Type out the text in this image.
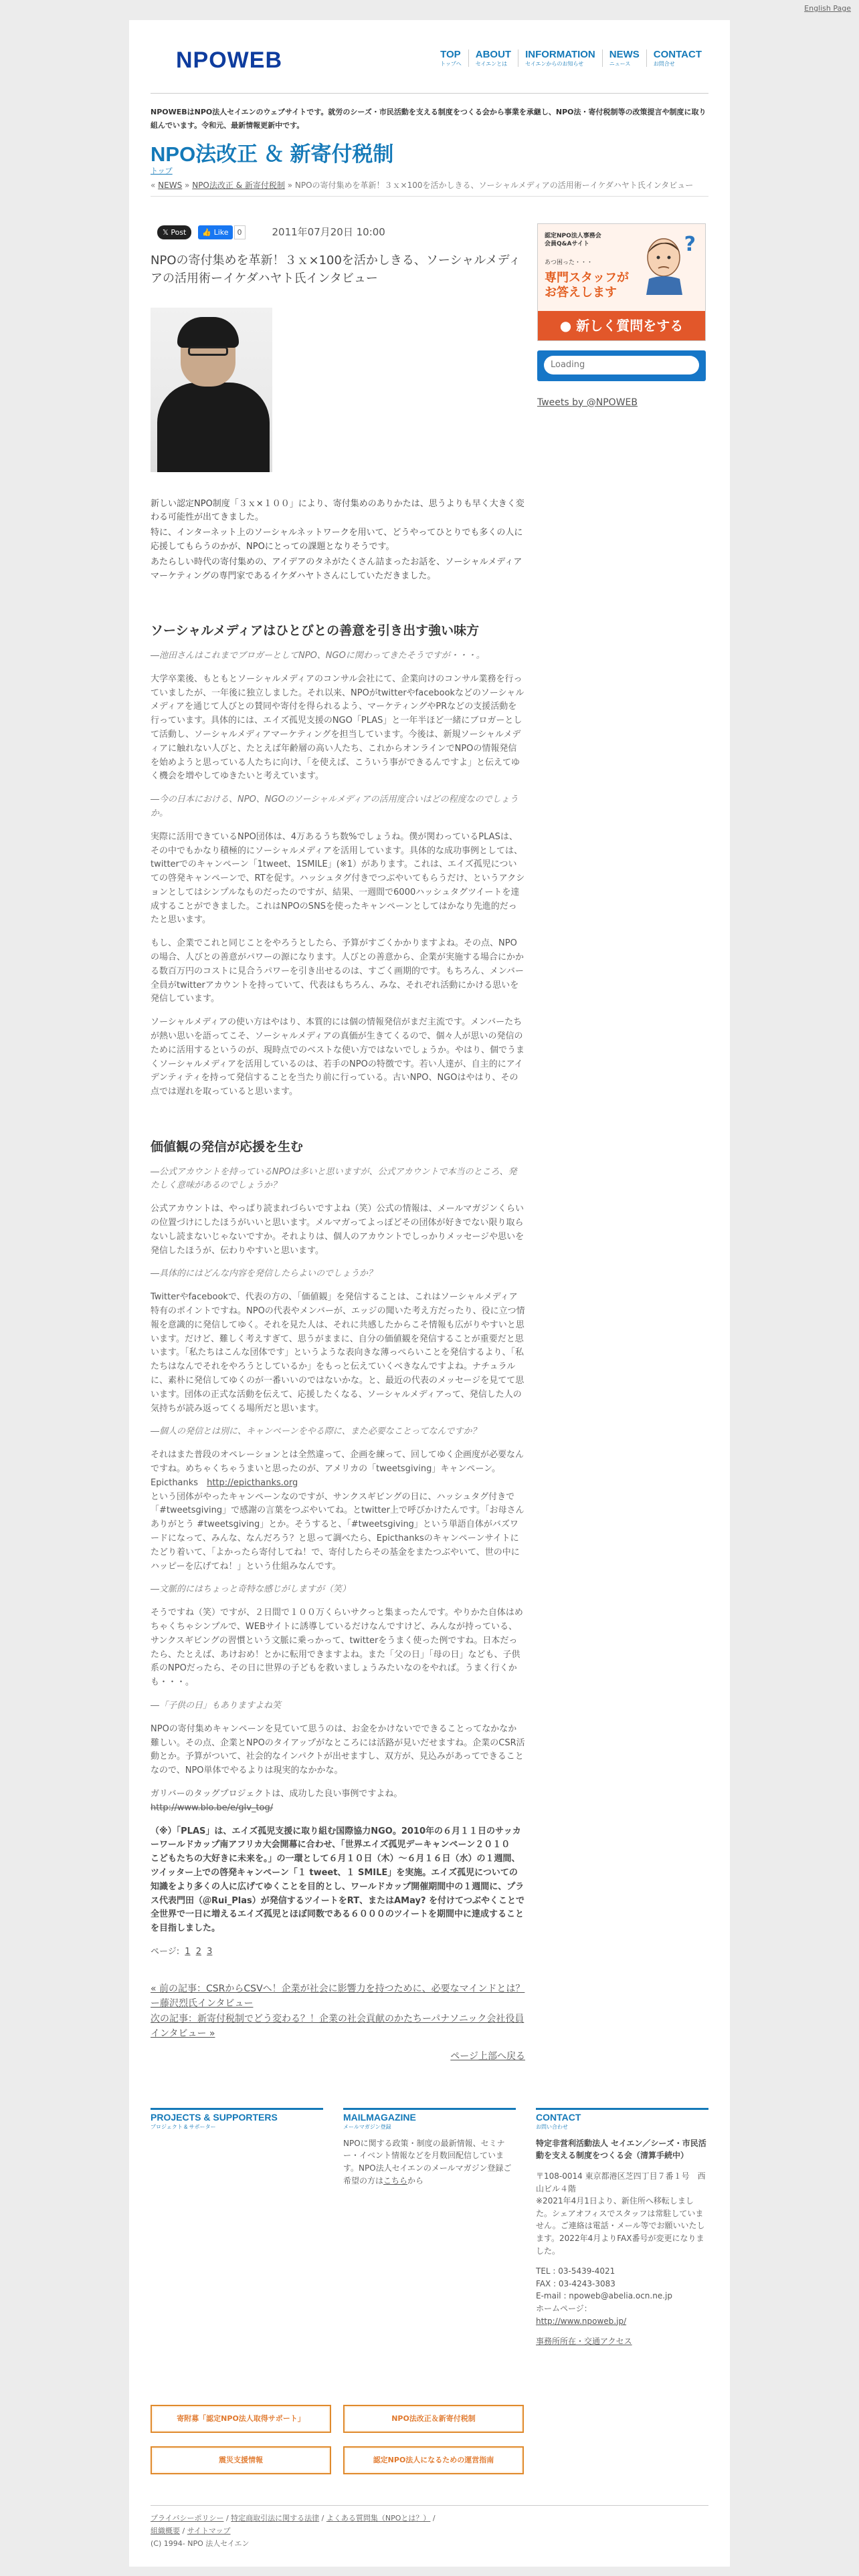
English Page
NPOWEB	TOP
トップへ
ABOUT
セイエンとは
INFORMATION
セイエンからのお知らせ
NEWS
ニュース
CONTACT
お問合せ
NPOWEBはNPO法人セイエンのウェブサイトです。就労のシーズ・市民活動を支える制度をつくる会から事業を承継し、NPO法・寄付税制等の改策提言や制度に取り組んでいます。令和元、最新情報更新中です。
NPO法改正 ＆ 新寄付税制
トップ
« NEWS » NPO法改正 & 新寄付税制 » NPOの寄付集めを革新！３ｘ×100を活かしきる、ソーシャルメディアの活用術ーイケダハヤト氏インタビュー
𝕏 Post	👍 Like	0	2011年07月20日 10:00
NPOの寄付集めを革新！３ｘ×100を活かしきる、ソーシャルメディアの活用術ーイケダハヤト氏インタビュー
新しい認定NPO制度「３ｘ×１００」により、寄付集めのありかたは、思うよりも早く大きく変わる可能性が出てきました。
特に、インターネット上のソーシャルネットワークを用いて、どうやってひとりでも多くの人に応援してもらうのかが、NPOにとっての課題となりそうです。
あたらしい時代の寄付集めの、アイデアのタネがたくさん詰まったお話を、ソーシャルメディアマーケティングの専門家であるイケダハヤトさんにしていただきました。
ソーシャルメディアはひとびとの善意を引き出す強い味方
―池田さんはこれまでブロガーとしてNPO、NGOに関わってきたそうですが・・・。
大学卒業後、もともとソーシャルメディアのコンサル会社にて、企業向けのコンサル業務を行っていましたが、一年後に独立しました。それ以来、NPOがtwitterやfacebookなどのソーシャルメディアを通じて人びとの賛同や寄付を得られるよう、マーケティングやPRなどの支援活動を行っています。具体的には、エイズ孤児支援のNGO「PLAS」と一年半ほど一緒にブロガーとして活動し、ソーシャルメディアマーケティングを担当しています。今後は、新規ソーシャルメディアに触れない人びと、たとえば年齢層の高い人たち、これからオンラインでNPOの情報発信を始めようと思っている人たちに向け、「を使えば、こういう事ができるんですよ」と伝えてゆく機会を増やしてゆきたいと考えています。
―今の日本における、NPO、NGOのソーシャルメディアの活用度合いはどの程度なのでしょうか。
実際に活用できているNPO団体は、4万あるうち数%でしょうね。僕が関わっているPLASは、その中でもかなり積極的にソーシャルメディアを活用しています。具体的な成功事例としては、twitterでのキャンペーン「1tweet、1SMILE」(※1）があります。これは、エイズ孤児についての啓発キャンペーンで、RTを促す。ハッシュタグ付きでつぶやいてもらうだけ、というアクションとしてはシンプルなものだったのですが、結果、一週間で6000ハッシュタグツイートを達成することができました。これはNPOのSNSを使ったキャンペーンとしてはかなり先進的だったと思います。
もし、企業でこれと同じことをやろうとしたら、予算がすごくかかりますよね。その点、NPOの場合、人びとの善意がパワーの源になります。人びとの善意から、企業が実施する場合にかかる数百万円のコストに見合うパワーを引き出せるのは、すごく画期的です。もちろん、メンバー全員がtwitterアカウントを持っていて、代表はもちろん、みな、それぞれ活動にかける思いを発信しています。
ソーシャルメディアの使い方はやはり、本質的には個の情報発信がまだ主流です。メンバーたちが熱い思いを語ってこそ、ソーシャルメディアの真価が生きてくるので、個々人が思いの発信のために活用するというのが、現時点でのベストな使い方ではないでしょうか。やはり、個でうまくソーシャルメディアを活用しているのは、若手のNPOの特徴です。若い人達が、自主的にアイデンティティを持って発信することを当たり前に行っている。古いNPO、NGOはやはり、その点では遅れを取っていると思います。
価値観の発信が応援を生む
―公式アカウントを持っているNPOは多いと思いますが、公式アカウントで本当のところ、発たしく意味があるのでしょうか？
公式アカウントは、やっぱり読まれづらいですよね（笑）公式の情報は、メールマガジンくらいの位置づけにしたほうがいいと思います。メルマガってよっぽどその団体が好きでない限り取らないし読まないじゃないですか。それよりは、個人のアカウントでしっかりメッセージや思いを発信したほうが、伝わりやすいと思います。
―具体的にはどんな内容を発信したらよいのでしょうか？
Twitterやfacebookで、代表の方の、「価値観」を発信することは、これはソーシャルメディア特有のポイントですね。NPOの代表やメンバーが、エッジの聞いた考え方だったり、役に立つ情報を意識的に発信してゆく。それを見た人は、それに共感したからこそ情報も広がりやすいと思います。だけど、難しく考えすぎて、思うがままに、自分の価値観を発信することが重要だと思います。「私たちはこんな団体です」というような表向きな薄っぺらいことを発信するより、「私たちはなんでそれをやろうとしているか」をもっと伝えていくべきなんですよね。ナチュラルに、素朴に発信してゆくのが一番いいのではないかな。と、最近の代表のメッセージを見てて思います。団体の正式な活動を伝えて、応援したくなる、ソーシャルメディアって、発信した人の気持ちが読み返ってくる場所だと思います。
―個人の発信とは別に、キャンペーンをやる際に、また必要なことってなんですか？
それはまた普段のオペレーションとは全然違って、企画を練って、回してゆく企画度が必要なんですね。めちゃくちゃうまいと思ったのが、アメリカの「tweetsgiving」キャンペーン。
Epicthanks　 http://epicthanks.org
という団体がやったキャンペーンなのですが、サンクスギビングの日に、ハッシュタグ付きで「#tweetsgiving」で感謝の言葉をつぶやいてね。とtwitter上で呼びかけたんです。「お母さんありがとう #tweetsgiving」とか。そうすると、「#tweetsgiving」という単語自体がバズワードになって、みんな、なんだろう？と思って調べたら、Epicthanksのキャンペーンサイトにたどり着いて、「よかったら寄付してね！で、寄付したらその基金をまたつぶやいて、世の中にハッピーを広げてね！」という仕組みなんです。
―文脈的にはちょっと奇特な感じがしますが（笑）
そうですね（笑）ですが、２日間で１００万くらいサクっと集まったんです。やりかた自体はめちゃくちゃシンプルで、WEBサイトに誘導しているだけなんですけど、みんなが持っている、サンクスギビングの習慣という文脈に乗っかって、twitterをうまく使った例ですね。日本だったら、たとえば、あけおめ！とかに転用できますよね。また「父の日」「母の日」なども、子供系のNPOだったら、その日に世界の子どもを救いましょうみたいなのをやれば。うまく行くかも・・・。
―「子供の日」もありますよね笑
NPOの寄付集めキャンペーンを見ていて思うのは、お金をかけないでできることってなかなか難しい。その点、企業とNPOのタイアップがなところには活路が見いだせますね。企業のCSR活動とか。予算がついて、社会的なインパクトが出せますし、双方が、見込みがあってできることなので、NPO単体でやるよりは現実的なかかな。
ガリバーのタッグプロジェクトは、成功した良い事例ですよね。
http://www.blo.be/e/glv_tog/
（※）「PLAS」は、エイズ孤児支援に取り組む国際協力NGO。2010年の６月１１日のサッカーワールドカップ南アフリカ大会開幕に合わせ、「世界エイズ孤児デーキャンペーン２０１０　こどもたちの大好きに未来を。」の一環として６月１０日（木）～６月１６日（水）の１週間、ツイッター上での啓発キャンペーン「１ tweet、１ SMILE」を実施。エイズ孤児についての知識をより多くの人に広げてゆくことを目的とし、ワールドカップ開催期間中の１週間に、プラス代表門田（＠Rui_Plas）が発信するツイートをRT、またはAMay? を付けてつぶやくことで全世界で一日に増えるエイズ孤児とほぼ同数である６０００のツイートを期間中に達成することを目指しました。
ページ: 1 2 3
« 前の記事：CSRからCSVへ！企業が社会に影響力を持つために、必要なマインドとは？ー藤沢烈氏インタビュー
次の記事：新寄付税制でどう変わる？！企業の社会貢献のかたちーパナソニック会社役員インタビュー »
ページ上部へ戻る
認定NPO法人事務会 会員Q&Aサイト
あつ困った・・・
専門スタッフが お答えします
?
● 新しく質問をする
Loading
Tweets by @NPOWEB
PROJECTS & SUPPORTERS
プロジェクト & サポーター
MAILMAGAZINE
メールマガジン登録
NPOに関する政策・制度の最新情報、セミナー・イベント情報などを月数回配信しています。NPO法人セイエンのメールマガジン登録ご希望の方はこちらから
CONTACT
お問い合わせ
特定非営利活動法人 セイエン／シーズ・市民活動を支える制度をつくる会（清算手続中）
〒108-0014 東京都港区芝四丁目７番１号　西山ビル４階
※2021年4月1日より、新住所へ移転しました。シェアオフィスでスタッフは常駐していません。ご連絡は電話・メール等でお願いいたします。2022年4月よりFAX番号が変更になりました。
TEL : 03-5439-4021
FAX : 03-4243-3083
E-mail : npoweb@abelia.ocn.ne.jp
ホームページ：
http://www.npoweb.jp/
事務所所在・交通アクセス
寄附募「認定NPO法人取得サポート」	NPO法改正＆新寄付税制
震災支援情報	認定NPO法人になるための運営指南
プライバシーポリシー / 特定商取引法に関する法律 / よくある質問集（NPOとは？） /
組織概要 / サイトマップ
(C) 1994- NPO 法人セイエン
